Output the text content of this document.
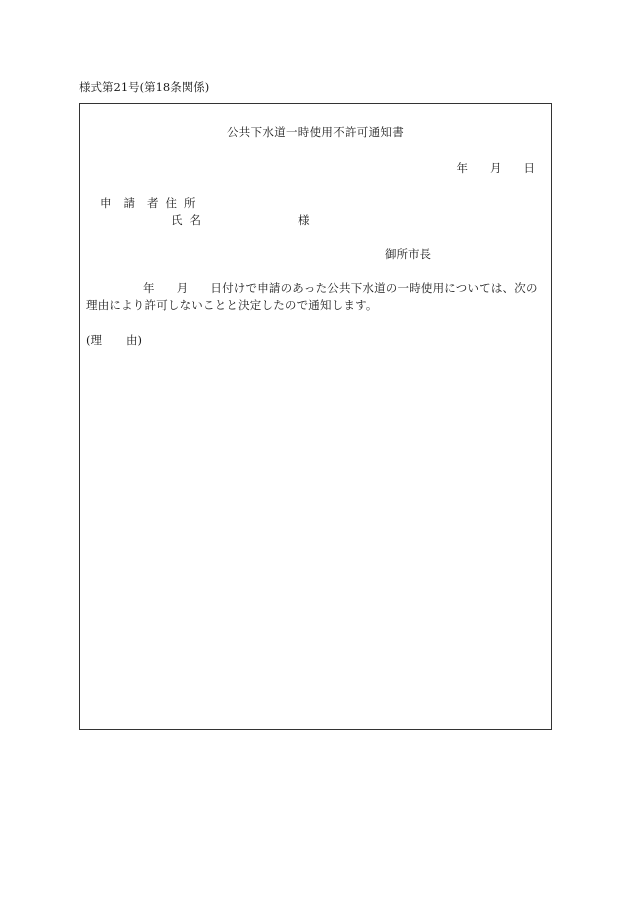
様式第21号(第18条関係)
公共下水道一時使用不許可通知書
年 月 日
申 請 者 住 所
氏 名	様
御所市長
年 月 日付けで申請のあった公共下水道の一時使用については、次の理由により許可しないことと決定したので通知します。
(理 由)
